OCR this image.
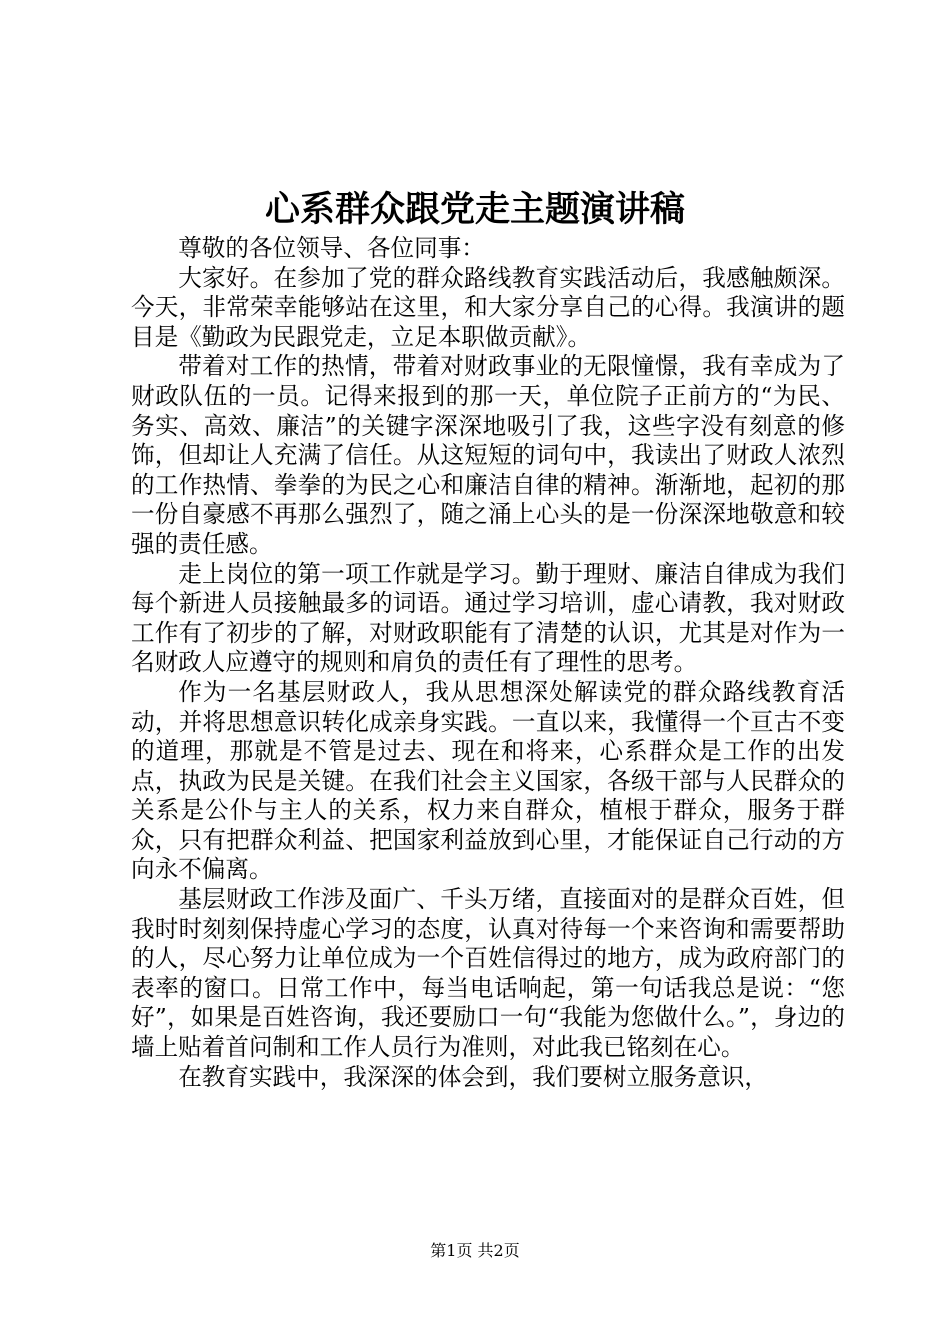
心系群众跟党走主题演讲稿

尊敬的各位领导、各位同事：

大家好。在参加了党的群众路线教育实践活动后，我感触颇深。今天，非常荣幸能够站在这里，和大家分享自己的心得。我演讲的题目是《勤政为民跟党走，立足本职做贡献》。

带着对工作的热情，带着对财政事业的无限憧憬，我有幸成为了财政队伍的一员。记得来报到的那一天，单位院子正前方的“为民、务实、高效、廉洁”的关键字深深地吸引了我，这些字没有刻意的修饰，但却让人充满了信任。从这短短的词句中，我读出了财政人浓烈的工作热情、拳拳的为民之心和廉洁自律的精神。渐渐地，起初的那一份自豪感不再那么强烈了，随之涌上心头的是一份深深地敬意和较强的责任感。

走上岗位的第一项工作就是学习。勤于理财、廉洁自律成为我们每个新进人员接触最多的词语。通过学习培训，虚心请教，我对财政工作有了初步的了解，对财政职能有了清楚的认识，尤其是对作为一名财政人应遵守的规则和肩负的责任有了理性的思考。

作为一名基层财政人，我从思想深处解读党的群众路线教育活动，并将思想意识转化成亲身实践。一直以来，我懂得一个亘古不变的道理，那就是不管是过去、现在和将来，心系群众是工作的出发点，执政为民是关键。在我们社会主义国家，各级干部与人民群众的关系是公仆与主人的关系，权力来自群众，植根于群众，服务于群众，只有把群众利益、把国家利益放到心里，才能保证自己行动的方向永不偏离。

基层财政工作涉及面广、千头万绪，直接面对的是群众百姓，但我时时刻刻保持虚心学习的态度，认真对待每一个来咨询和需要帮助的人，尽心努力让单位成为一个百姓信得过的地方，成为政府部门的表率的窗口。日常工作中，每当电话响起，第一句话我总是说：“您好”，如果是百姓咨询，我还要励口一句“我能为您做什么。”，身边的墙上贴着首问制和工作人员行为准则，对此我已铭刻在心。

在教育实践中，我深深的体会到，我们要树立服务意识，

第1页 共2页
